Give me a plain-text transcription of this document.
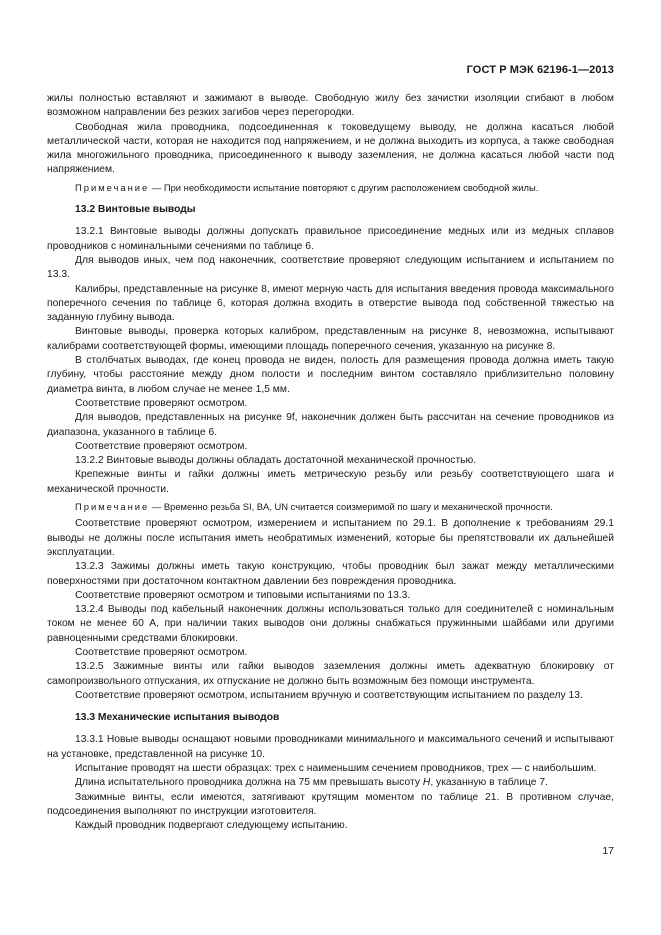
ГОСТ Р МЭК 62196-1—2013

жилы полностью вставляют и зажимают в выводе. Свободную жилу без зачистки изоляции сгибают в любом возможном направлении без резких загибов через перегородки.

Свободная жила проводника, подсоединенная к токоведущему выводу, не должна касаться любой металлической части, которая не находится под напряжением, и не должна выходить из корпуса, а также свободная жила многожильного проводника, присоединенного к выводу заземления, не должна касаться любой части под напряжением.

Примечание — При необходимости испытание повторяют с другим расположением свободной жилы.

13.2 Винтовые выводы

13.2.1 Винтовые выводы должны допускать правильное присоединение медных или из медных сплавов проводников с номинальными сечениями по таблице 6.

Для выводов иных, чем под наконечник, соответствие проверяют следующим испытанием и испытанием по 13.3.

Калибры, представленные на рисунке 8, имеют мерную часть для испытания введения провода максимального поперечного сечения по таблице 6, которая должна входить в отверстие вывода под собственной тяжестью на заданную глубину вывода.

Винтовые выводы, проверка которых калибром, представленным на рисунке 8, невозможна, испытывают калибрами соответствующей формы, имеющими площадь поперечного сечения, указанную на рисунке 8.

В столбчатых выводах, где конец провода не виден, полость для размещения провода должна иметь такую глубину, чтобы расстояние между дном полости и последним винтом составляло приблизительно половину диаметра винта, в любом случае не менее 1,5 мм.

Соответствие проверяют осмотром.

Для выводов, представленных на рисунке 9f, наконечник должен быть рассчитан на сечение проводников из диапазона, указанного в таблице 6.

Соответствие проверяют осмотром.

13.2.2 Винтовые выводы должны обладать достаточной механической прочностью.

Крепежные винты и гайки должны иметь метрическую резьбу или резьбу соответствующего шага и механической прочности.

Примечание — Временно резьба SI, BA, UN считается соизмеримой по шагу и механической прочности.

Соответствие проверяют осмотром, измерением и испытанием по 29.1. В дополнение к требованиям 29.1 выводы не должны после испытания иметь необратимых изменений, которые бы препятствовали их дальнейшей эксплуатации.

13.2.3 Зажимы должны иметь такую конструкцию, чтобы проводник был зажат между металлическими поверхностями при достаточном контактном давлении без повреждения проводника.

Соответствие проверяют осмотром и типовыми испытаниями по 13.3.

13.2.4 Выводы под кабельный наконечник должны использоваться только для соединителей с номинальным током не менее 60 А, при наличии таких выводов они должны снабжаться пружинными шайбами или другими равноценными средствами блокировки.

Соответствие проверяют осмотром.

13.2.5 Зажимные винты или гайки выводов заземления должны иметь адекватную блокировку от самопроизвольного отпускания, их отпускание не должно быть возможным без помощи инструмента.

Соответствие проверяют осмотром, испытанием вручную и соответствующим испытанием по разделу 13.

13.3 Механические испытания выводов

13.3.1 Новые выводы оснащают новыми проводниками минимального и максимального сечений и испытывают на установке, представленной на рисунке 10.

Испытание проводят на шести образцах: трех с наименьшим сечением проводников, трех — с наибольшим.

Длина испытательного проводника должна на 75 мм превышать высоту H, указанную в таблице 7.

Зажимные винты, если имеются, затягивают крутящим моментом по таблице 21. В противном случае, подсоединения выполняют по инструкции изготовителя.

Каждый проводник подвергают следующему испытанию.

17
